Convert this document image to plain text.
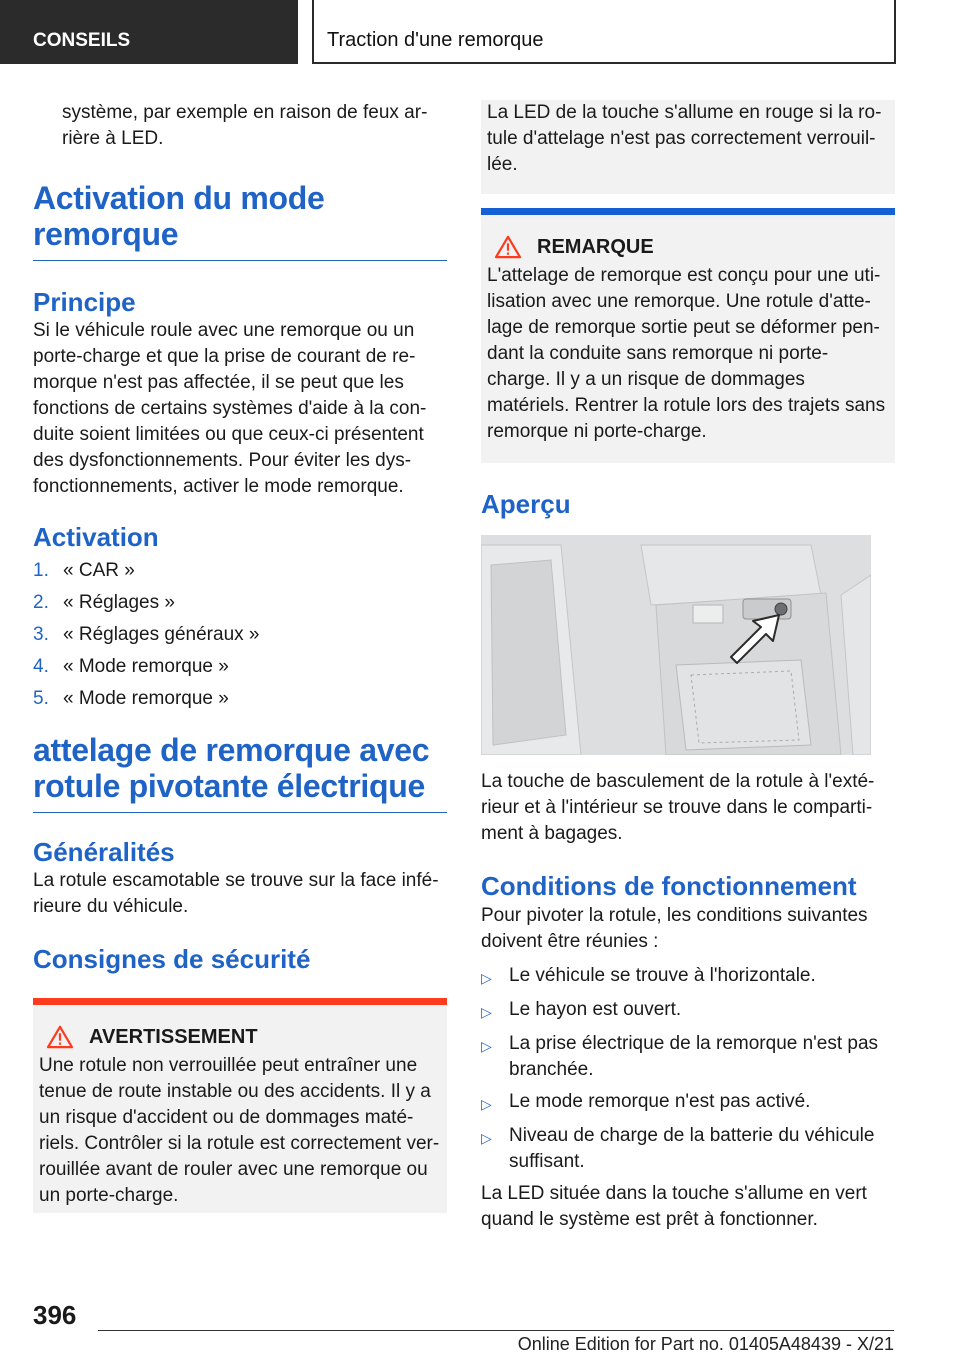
CONSEILS	Traction d'une remorque

système, par exemple en raison de feux ar-rière à LED.

Activation du mode remorque
Principe

Si le véhicule roule avec une remorque ou un porte-charge et que la prise de courant de re-morque n'est pas affectée, il se peut que les fonctions de certains systèmes d'aide à la con-duite soient limitées ou que ceux-ci présentent des dysfonctionnements. Pour éviter les dys-fonctionnements, activer le mode remorque.

Activation
1. « CAR »
2. « Réglages »
3. « Réglages généraux »
4. « Mode remorque »
5. « Mode remorque »
attelage de remorque avec rotule pivotante électrique
Généralités

La rotule escamotable se trouve sur la face infé-rieure du véhicule.

Consignes de sécurité
AVERTISSEMENT

Une rotule non verrouillée peut entraîner une tenue de route instable ou des accidents. Il y a un risque d'accident ou de dommages maté-riels. Contrôler si la rotule est correctement ver-rouillée avant de rouler avec une remorque ou un porte-charge.

La LED de la touche s'allume en rouge si la ro-tule d'attelage n'est pas correctement verrouil-lée.

REMARQUE

L'attelage de remorque est conçu pour une uti-lisation avec une remorque. Une rotule d'atte-lage de remorque sortie peut se déformer pen-dant la conduite sans remorque ni porte-charge. Il y a un risque de dommages matériels. Rentrer la rotule lors des trajets sans remorque ni porte-charge.

Aperçu

La touche de basculement de la rotule à l'exté-rieur et à l'intérieur se trouve dans le comparti-ment à bagages.

Conditions de fonctionnement

Pour pivoter la rotule, les conditions suivantes doivent être réunies :

▷ Le véhicule se trouve à l'horizontale.
▷ Le hayon est ouvert.
▷ La prise électrique de la remorque n'est pas branchée.
▷ Le mode remorque n'est pas activé.
▷ Niveau de charge de la batterie du véhicule suffisant.

La LED située dans la touche s'allume en vert quand le système est prêt à fonctionner.

396
Online Edition for Part no. 01405A48439 - X/21
